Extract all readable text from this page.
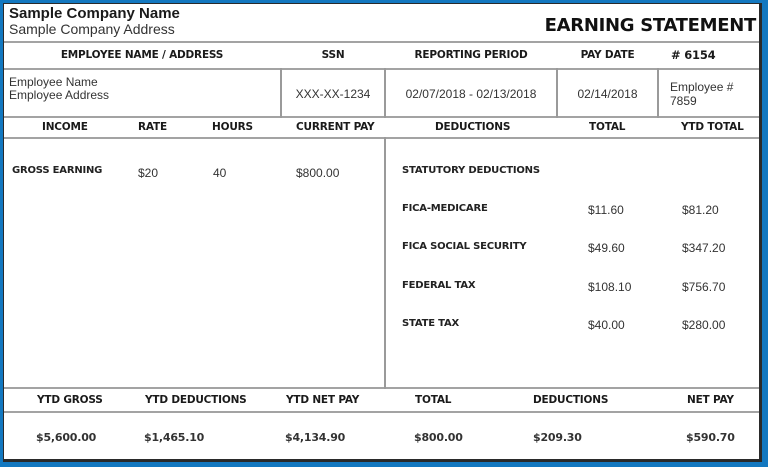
Sample Company Name
Sample Company Address	EARNING STATEMENT
EMPLOYEE NAME / ADDRESS	SSN	REPORTING PERIOD	PAY DATE	# 6154
Employee Name
Employee Address	XXX-XX-1234	02/07/2018 - 02/13/2018	02/14/2018	Employee #
7859
INCOME	RATE	HOURS	CURRENT PAY	DEDUCTIONS	TOTAL	YTD TOTAL
GROSS EARNING	$20	40	$800.00	STATUTORY DEDUCTIONS
FICA-MEDICARE	$11.60	$81.20
FICA SOCIAL SECURITY	$49.60	$347.20
FEDERAL TAX	$108.10	$756.70
STATE TAX	$40.00	$280.00
YTD GROSS	YTD DEDUCTIONS	YTD NET PAY	TOTAL	DEDUCTIONS	NET PAY
$5,600.00	$1,465.10	$4,134.90	$800.00	$209.30	$590.70
